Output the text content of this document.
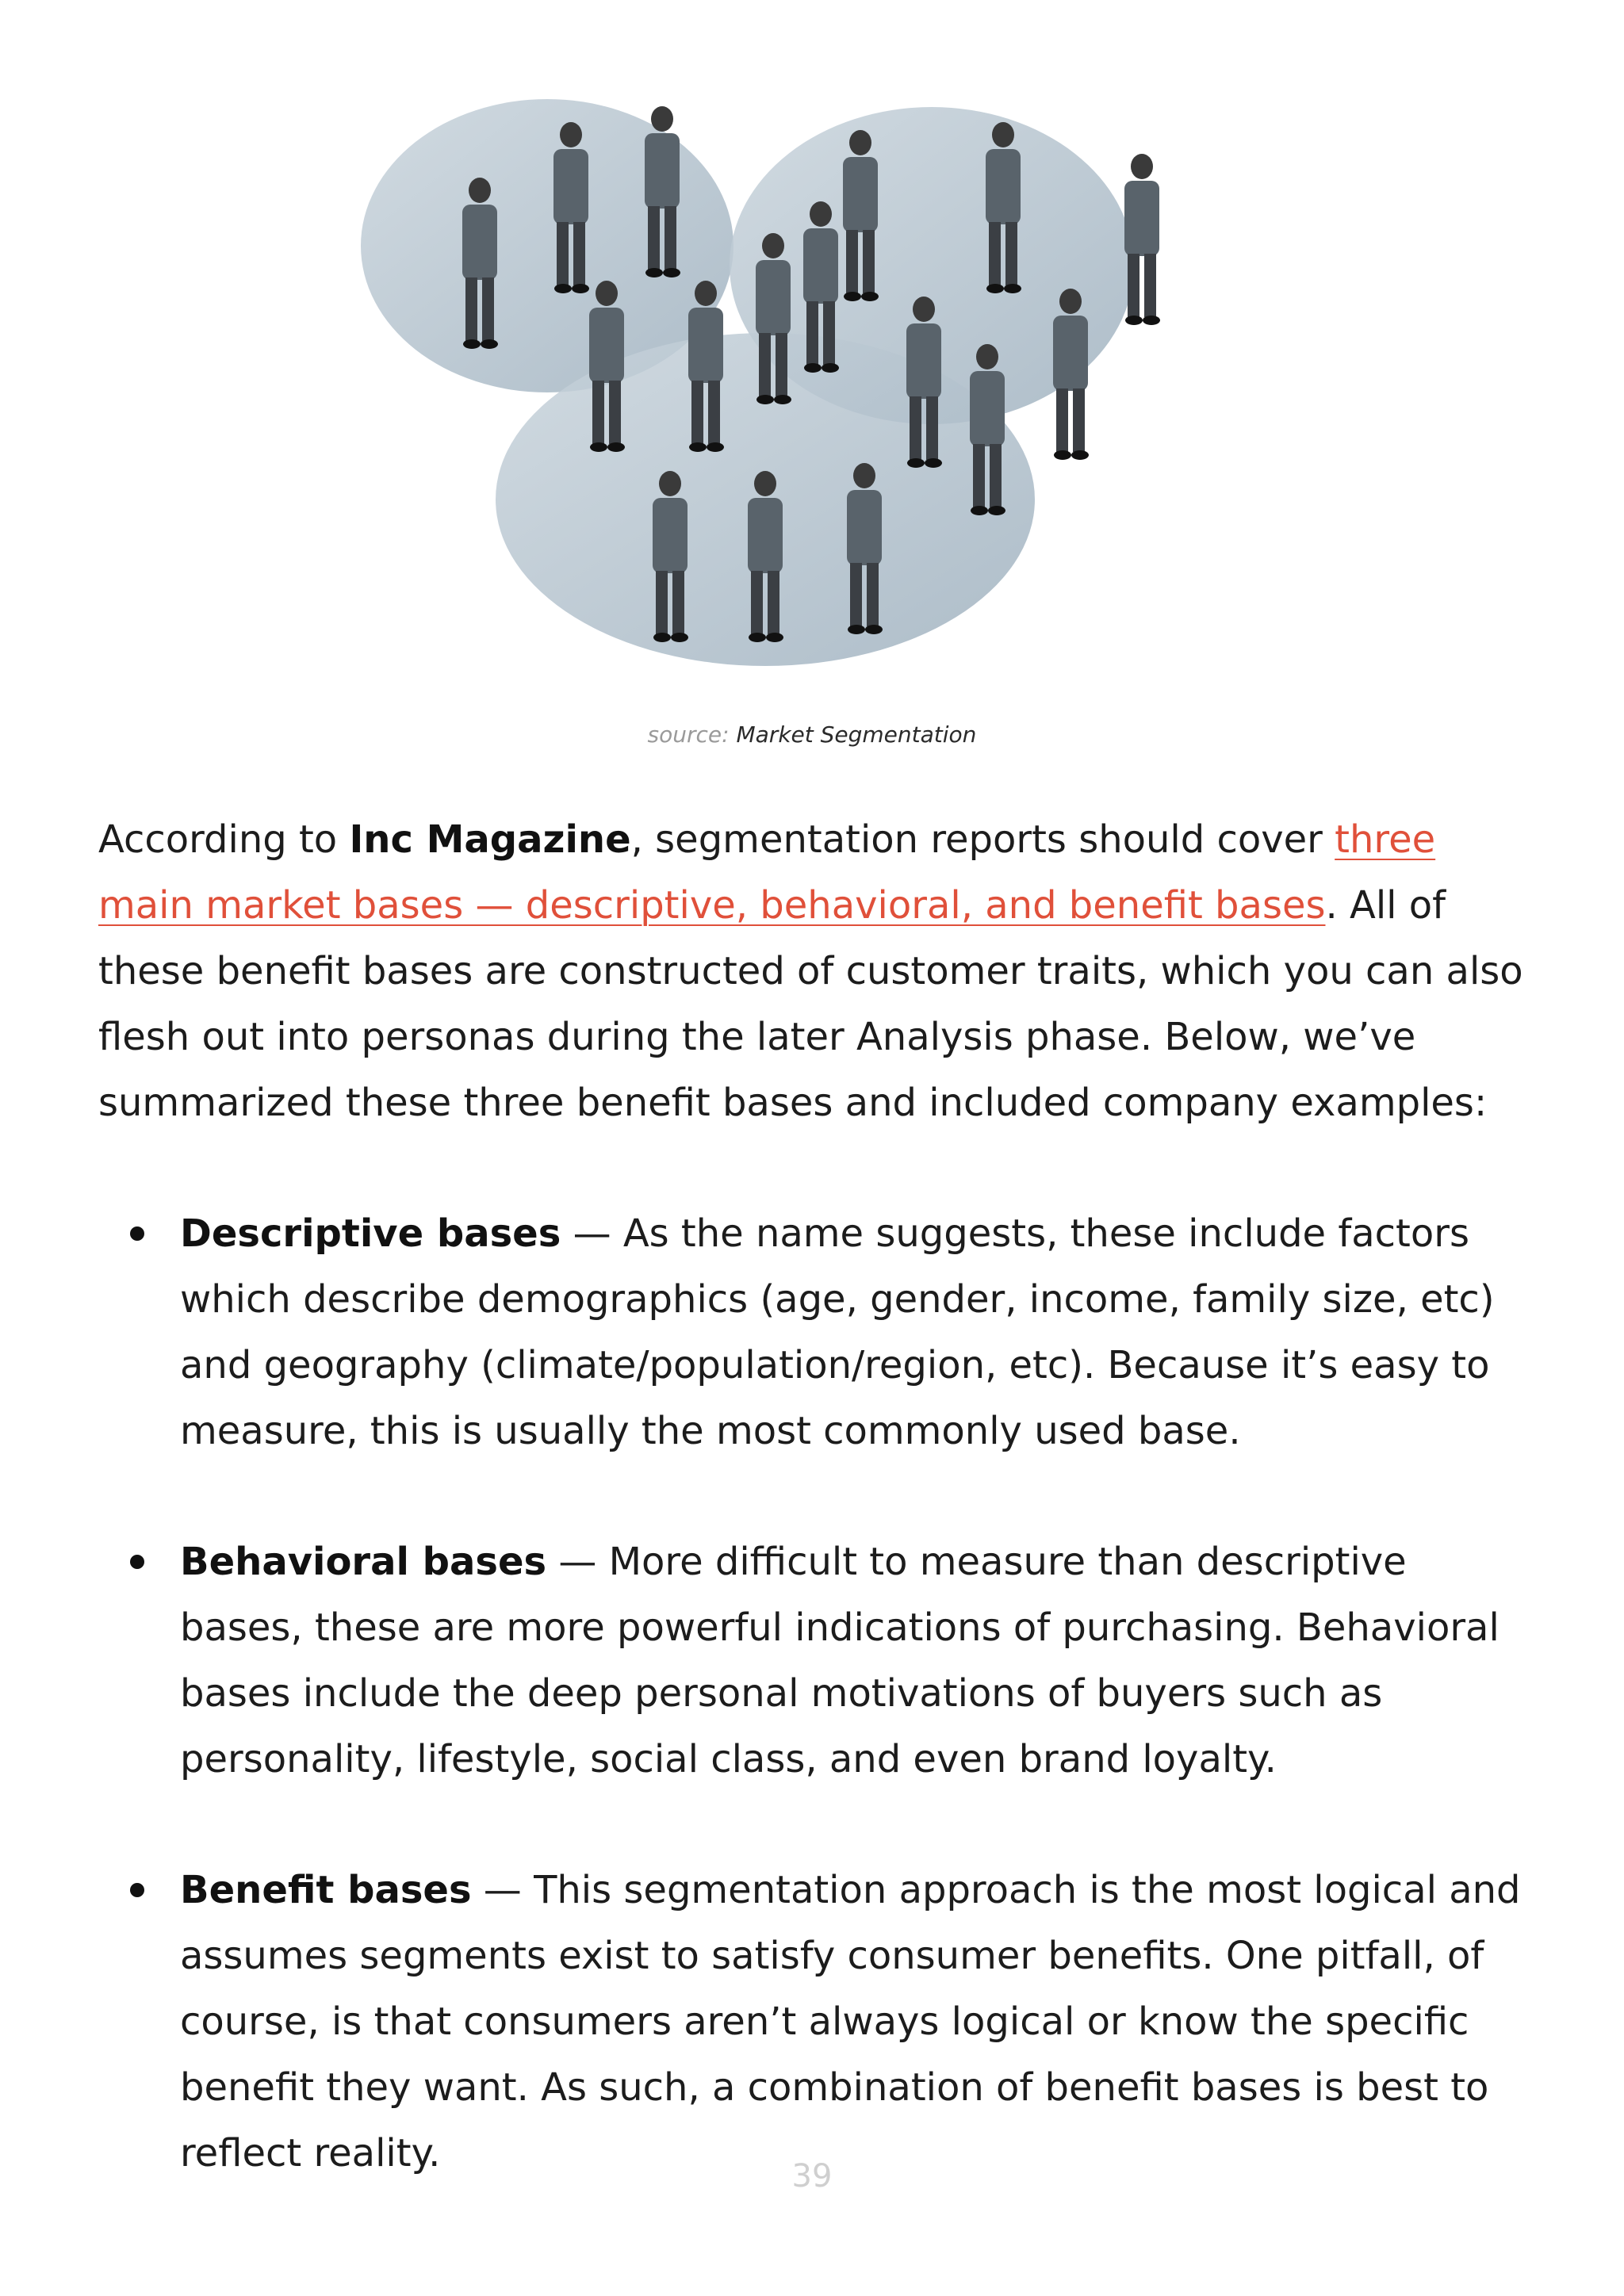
source: Market Segmentation

According to Inc Magazine, segmentation reports should cover three main market bases — descriptive, behavioral, and benefit bases. All of these benefit bases are constructed of customer traits, which you can also flesh out into personas during the later Analysis phase. Below, we’ve summarized these three benefit bases and included company examples:

Descriptive bases — As the name suggests, these include factors which describe demographics (age, gender, income, family size, etc) and geography (climate/population/region, etc). Because it’s easy to measure, this is usually the most commonly used base.
Behavioral bases — More difficult to measure than descriptive bases, these are more powerful indications of purchasing. Behavioral bases include the deep personal motivations of buyers such as personality, lifestyle, social class, and even brand loyalty.
Benefit bases — This segmentation approach is the most logical and assumes segments exist to satisfy consumer benefits. One pitfall, of course, is that consumers aren’t always logical or know the specific benefit they want. As such, a combination of benefit bases is best to reflect reality.
39
